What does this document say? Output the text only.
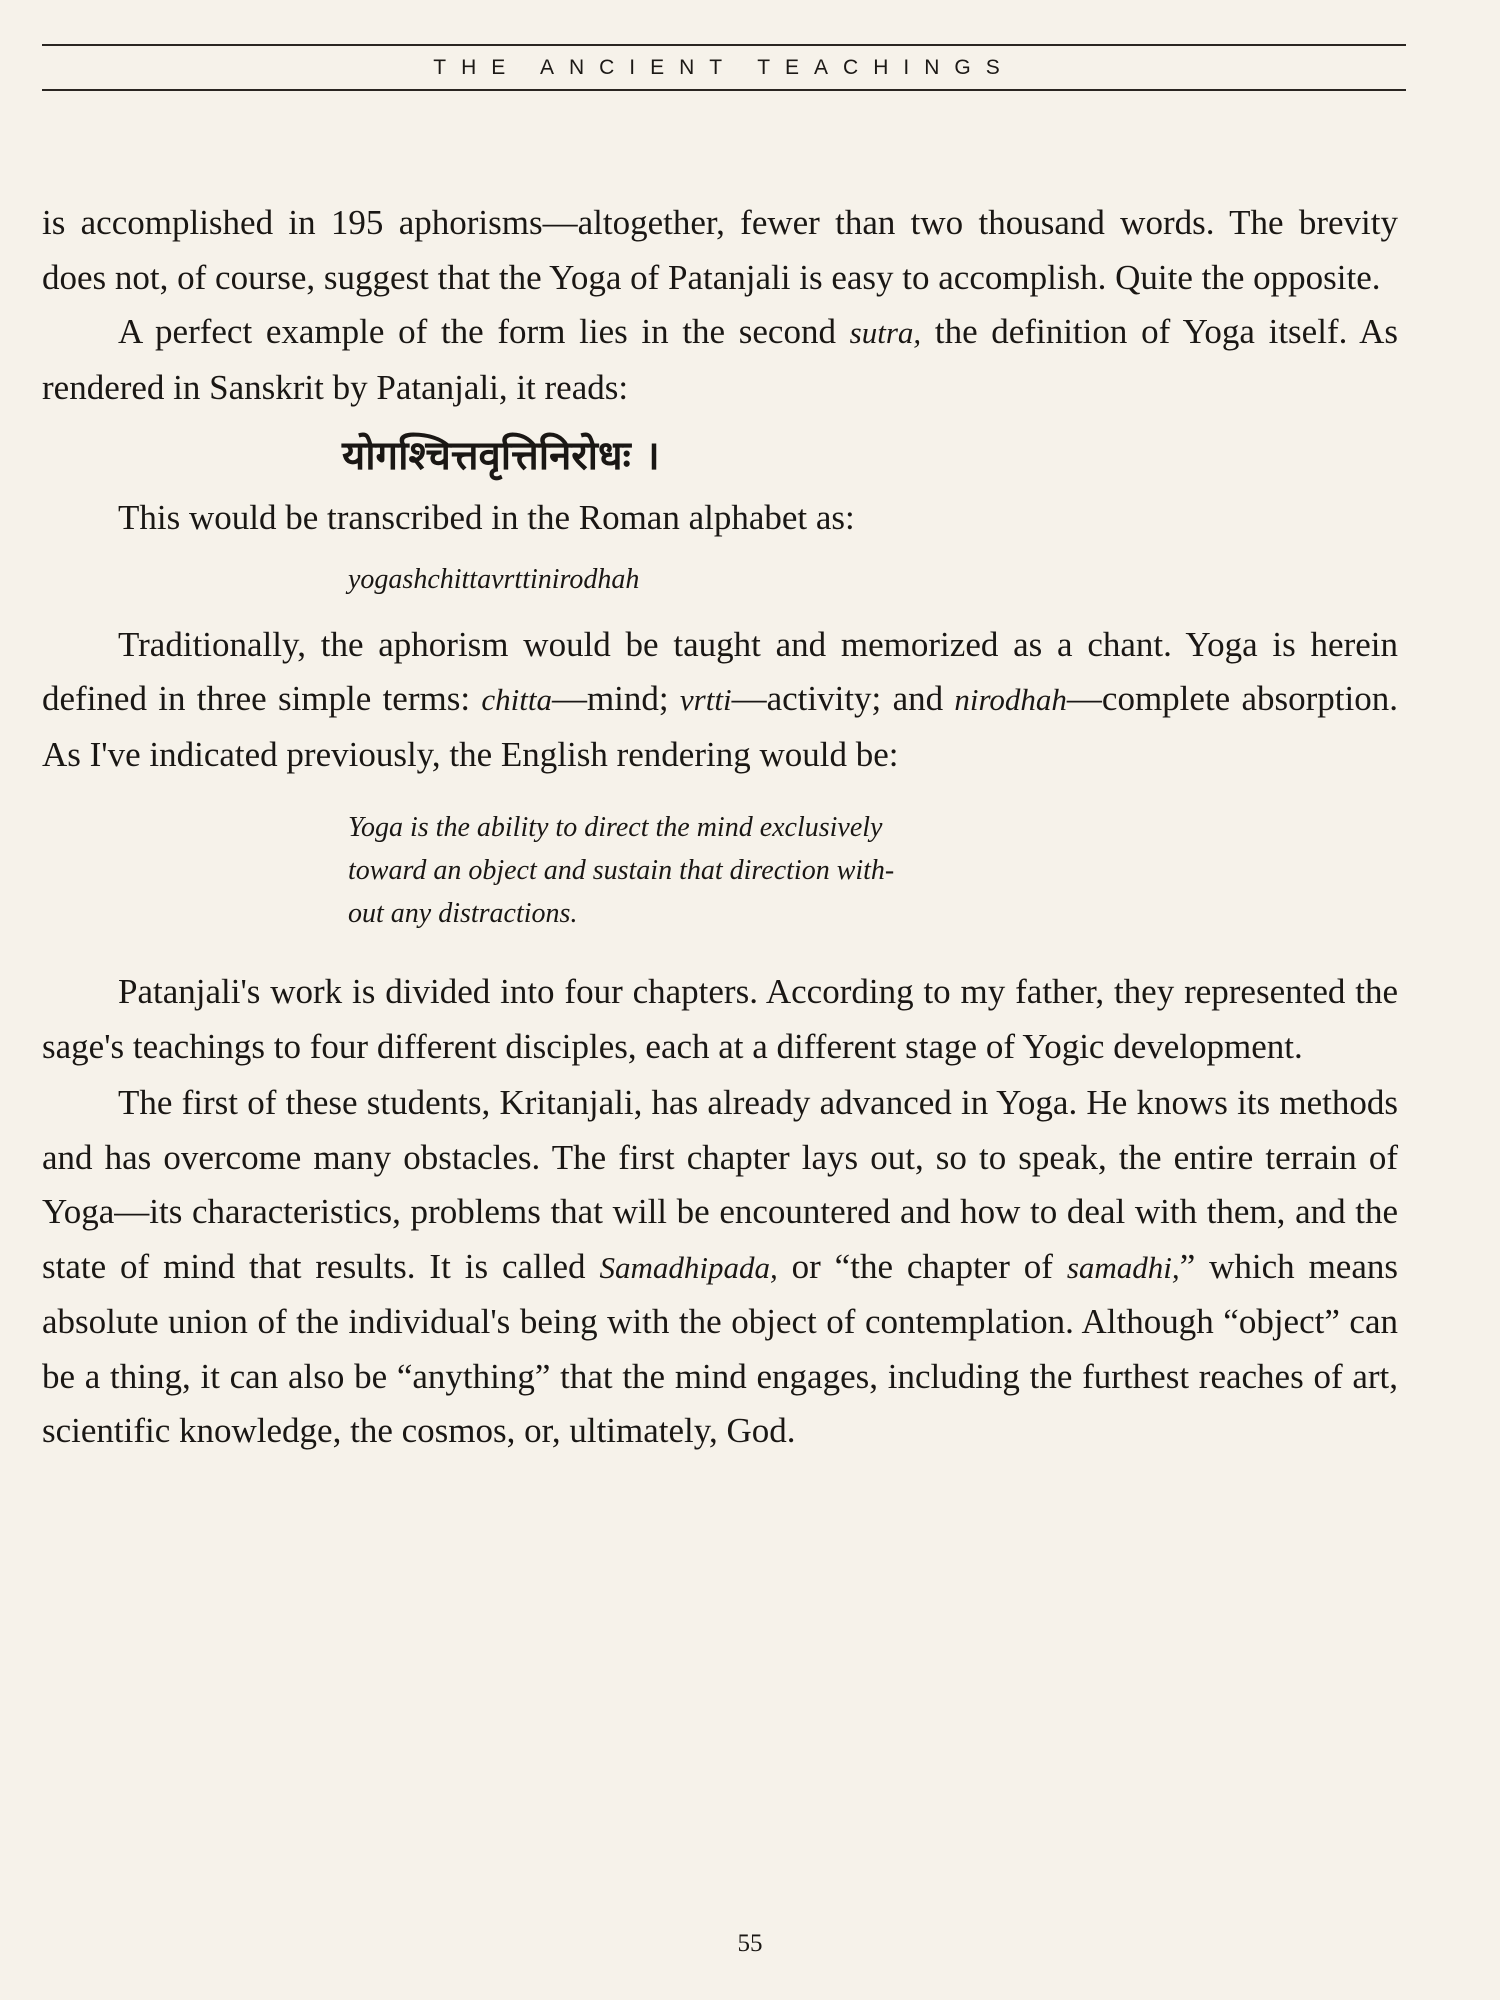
THE ANCIENT TEACHINGS

is accomplished in 195 aphorisms—altogether, fewer than two thousand words. The brevity does not, of course, suggest that the Yoga of Patanjali is easy to accomplish. Quite the opposite.

A perfect example of the form lies in the second sutra, the definition of Yoga itself. As rendered in Sanskrit by Patanjali, it reads:

योगश्चित्तवृत्तिनिरोधः ।

This would be transcribed in the Roman alphabet as:

yogashchittavrttinirodhah

Traditionally, the aphorism would be taught and memorized as a chant. Yoga is herein defined in three simple terms: chitta—mind; vrtti—activity; and nirodhah—complete absorption. As I've indicated previously, the English rendering would be:

Yoga is the ability to direct the mind exclusively
toward an object and sustain that direction with-
out any distractions.

Patanjali's work is divided into four chapters. According to my father, they represented the sage's teachings to four different disciples, each at a different stage of Yogic development.

The first of these students, Kritanjali, has already advanced in Yoga. He knows its methods and has overcome many obstacles. The first chapter lays out, so to speak, the entire terrain of Yoga—its characteristics, problems that will be encountered and how to deal with them, and the state of mind that results. It is called Samadhipada, or “the chapter of samadhi,” which means absolute union of the individual's being with the object of contemplation. Although “object” can be a thing, it can also be “anything” that the mind engages, including the furthest reaches of art, scientific knowledge, the cosmos, or, ultimately, God.

55
